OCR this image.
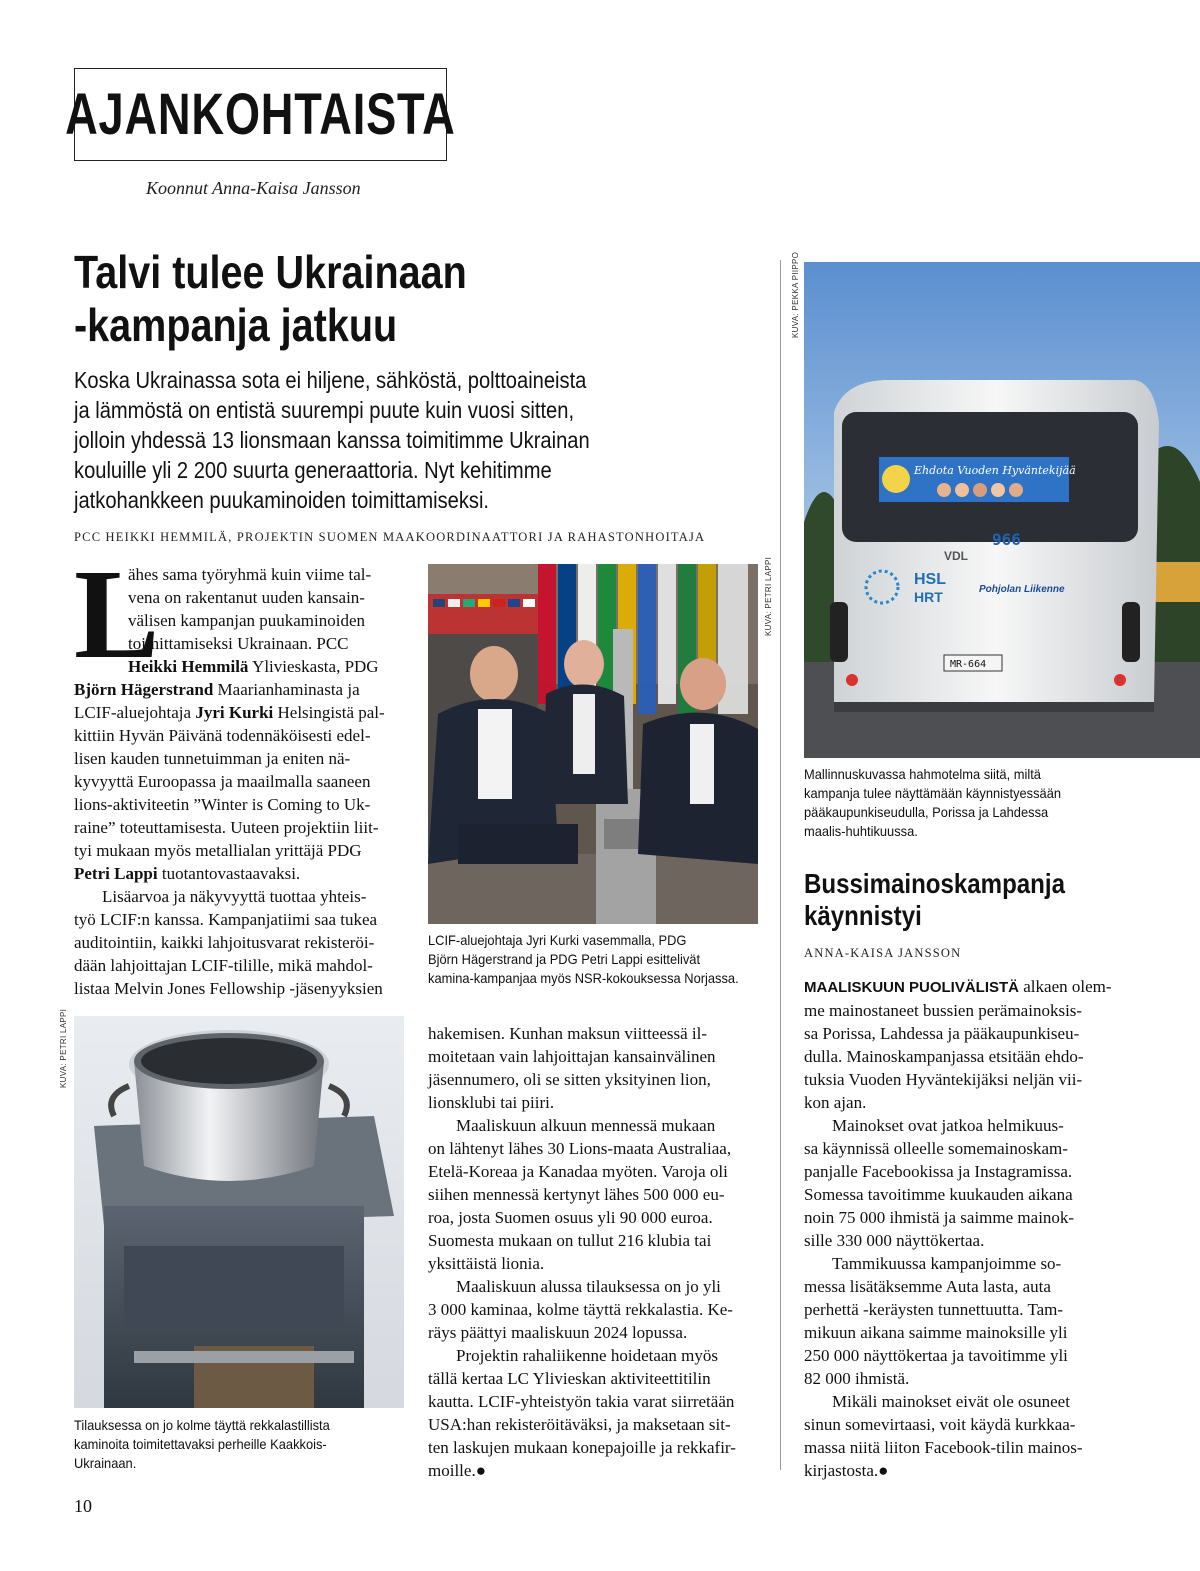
AJANKOHTAISTA
Koonnut Anna-Kaisa Jansson
Talvi tulee Ukrainaan
-kampanja jatkuu

Koska Ukrainassa sota ei hiljene, sähköstä, polttoaineista

ja lämmöstä on entistä suurempi puute kuin vuosi sitten,

jolloin yhdessä 13 lionsmaan kanssa toimitimme Ukrainan

kouluille yli 2 200 suurta generaattoria. Nyt kehitimme

jatkohankkeen puukaminoiden toimittamiseksi.

PCC HEIKKI HEMMILÄ, PROJEKTIN SUOMEN MAAKOORDINAATTORI JA RAHASTONHOITAJA
L

ähes sama työryhmä kuin viime tal-

vena on rakentanut uuden kansain-

välisen kampanjan puukaminoiden

toimittamiseksi Ukrainaan. PCC

Heikki Hemmilä Ylivieskasta, PDG

Björn Hägerstrand Maarianhaminasta ja

LCIF-aluejohtaja Jyri Kurki Helsingistä pal-

kittiin Hyvän Päivänä todennäköisesti edel-

lisen kauden tunnetuimman ja eniten nä-

kyvyyttä Euroopassa ja maailmalla saaneen

lions-aktiviteetin ”Winter is Coming to Uk-

raine” toteuttamisesta. Uuteen projektiin liit-

tyi mukaan myös metallialan yrittäjä PDG

Petri Lappi tuotantovastaavaksi.

Lisäarvoa ja näkyvyyttä tuottaa yhteis-

työ LCIF:n kanssa. Kampanjatiimi saa tukea

auditointiin, kaikki lahjoitusvarat rekisteröi-

dään lahjoittajan LCIF-tilille, mikä mahdol-

listaa Melvin Jones Fellowship -jäsenyyksien

KUVA: PETRI LAPPI

LCIF-aluejohtaja Jyri Kurki vasemmalla, PDG

Björn Hägerstrand ja PDG Petri Lappi esittelivät

kamina-kampanjaa myös NSR-kokouksessa Norjassa.

KUVA: PETRI LAPPI

Tilauksessa on jo kolme täyttä rekkalastillista

kaminoita toimitettavaksi perheille Kaakkois-

Ukrainaan.

hakemisen. Kunhan maksun viitteessä il-

moitetaan vain lahjoittajan kansainvälinen

jäsennumero, oli se sitten yksityinen lion,

lionsklubi tai piiri.

Maaliskuun alkuun mennessä mukaan

on lähtenyt lähes 30 Lions-maata Australiaa,

Etelä-Koreaa ja Kanadaa myöten. Varoja oli

siihen mennessä kertynyt lähes 500 000 eu-

roa, josta Suomen osuus yli 90 000 euroa.

Suomesta mukaan on tullut 216 klubia tai

yksittäistä lionia.

Maaliskuun alussa tilauksessa on jo yli

3 000 kaminaa, kolme täyttä rekkalastia. Ke-

räys päättyi maaliskuun 2024 lopussa.

Projektin rahaliikenne hoidetaan myös

tällä kertaa LC Ylivieskan aktiviteettitilin

kautta. LCIF-yhteistyön takia varat siirretään

USA:han rekisteröitäväksi, ja maksetaan sit-

ten laskujen mukaan konepajoille ja rekkafir-

moille.●

Ehdota Vuoden Hyväntekijää
966
VDL
HSL
HRT	Pohjolan Liikenne
MR-664
KUVA: PEKKA PIIPPO

Mallinnuskuvassa hahmotelma siitä, miltä

kampanja tulee näyttämään käynnistyessään

pääkaupunkiseudulla, Porissa ja Lahdessa

maalis-huhtikuussa.

Bussimainoskampanja
käynnistyi
ANNA-KAISA JANSSON

MAALISKUUN PUOLIVÄLISTÄ alkaen olem-

me mainostaneet bussien perämainoksis-

sa Porissa, Lahdessa ja pääkaupunkiseu-

dulla. Mainoskampanjassa etsitään ehdo-

tuksia Vuoden Hyväntekijäksi neljän vii-

kon ajan.

Mainokset ovat jatkoa helmikuus-

sa käynnissä olleelle somemainoskam-

panjalle Facebookissa ja Instagramissa.

Somessa tavoitimme kuukauden aikana

noin 75 000 ihmistä ja saimme mainok-

sille 330 000 näyttökertaa.

Tammikuussa kampanjoimme so-

messa lisätäksemme Auta lasta, auta

perhettä -keräysten tunnettuutta. Tam-

mikuun aikana saimme mainoksille yli

250 000 näyttökertaa ja tavoitimme yli

82 000 ihmistä.

Mikäli mainokset eivät ole osuneet

sinun somevirtaasi, voit käydä kurkkaa-

massa niitä liiton Facebook-tilin mainos-

kirjastosta.●

10
